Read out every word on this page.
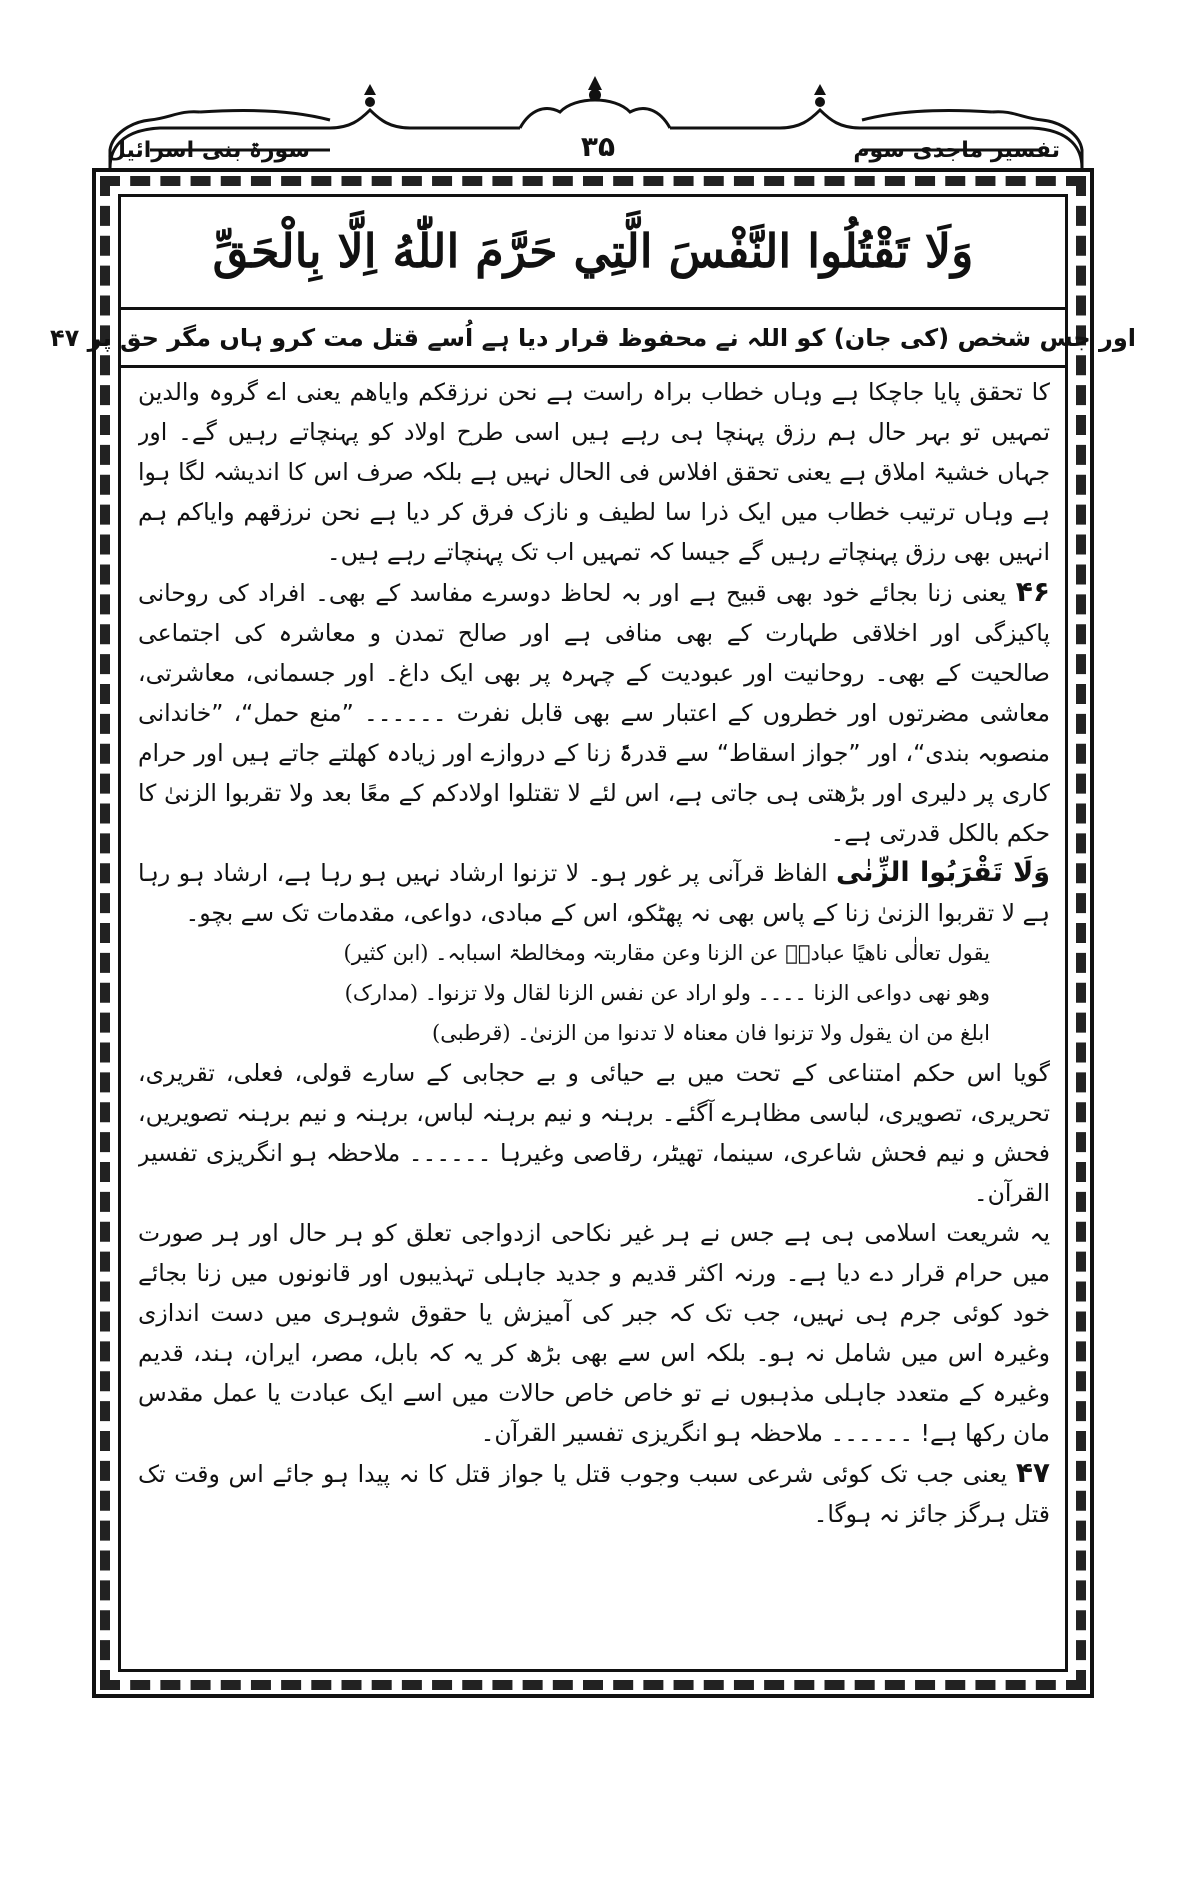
تفسیر ماجدی سوم
۳۵
سورۃ بنی اسرائیل
وَلَا تَقْتُلُوا النَّفْسَ الَّتِي حَرَّمَ اللّٰهُ اِلَّا بِالْحَقِّ
اور جس شخص (کی جان) کو اللہ نے محفوظ قرار دیا ہے اُسے قتل مت کرو ہاں مگر حق پر ۴۷

کا تحقق پایا جاچکا ہے وہاں خطاب براہ راست ہے نحن نرزقکم وایاھم یعنی اے گروہ والدین تمہیں تو بہر حال ہم رزق پہنچا ہی رہے ہیں اسی طرح اولاد کو پہنچاتے رہیں گے۔ اور جہاں خشیۃ املاق ہے یعنی تحقق افلاس فی الحال نہیں ہے بلکہ صرف اس کا اندیشہ لگا ہوا ہے وہاں ترتیب خطاب میں ایک ذرا سا لطیف و نازک فرق کر دیا ہے نحن نرزقھم وایاکم ہم انہیں بھی رزق پہنچاتے رہیں گے جیسا کہ تمہیں اب تک پہنچاتے رہے ہیں۔

۴۶ یعنی زنا بجائے خود بھی قبیح ہے اور بہ لحاظ دوسرے مفاسد کے بھی۔ افراد کی روحانی پاکیزگی اور اخلاقی طہارت کے بھی منافی ہے اور صالح تمدن و معاشرہ کی اجتماعی صالحیت کے بھی۔ روحانیت اور عبودیت کے چہرہ پر بھی ایک داغ۔ اور جسمانی، معاشرتی، معاشی مضرتوں اور خطروں کے اعتبار سے بھی قابل نفرت ۔۔۔۔۔۔ ”منع حمل“، ”خاندانی منصوبہ بندی“، اور ”جواز اسقاط“ سے قدرۃً زنا کے دروازے اور زیادہ کھلتے جاتے ہیں اور حرام کاری پر دلیری اور بڑھتی ہی جاتی ہے، اس لئے لا تقتلوا اولادکم کے معًا بعد ولا تقربوا الزنیٰ کا حکم بالکل قدرتی ہے۔

وَلَا تَقْرَبُوا الزِّنٰى الفاظ قرآنی پر غور ہو۔ لا تزنوا ارشاد نہیں ہو رہا ہے، ارشاد ہو رہا ہے لا تقربوا الزنیٰ زنا کے پاس بھی نہ پھٹکو، اس کے مبادی، دواعی، مقدمات تک سے بچو۔

یقول تعالٰی ناھیًا عبادہٗ عن الزنا وعن مقاربتہ ومخالطۃ اسبابہ۔ (ابن کثیر)

وھو نھی دواعی الزنا ۔۔۔۔ ولو اراد عن نفس الزنا لقال ولا تزنوا۔ (مدارک)

ابلغ من ان یقول ولا تزنوا فان معناہ لا تدنوا من الزنیٰ۔ (قرطبی)

گویا اس حکم امتناعی کے تحت میں بے حیائی و بے حجابی کے سارے قولی، فعلی، تقریری، تحریری، تصویری، لباسی مظاہرے آگئے۔ برہنہ و نیم برہنہ لباس، برہنہ و نیم برہنہ تصویریں، فحش و نیم فحش شاعری، سینما، تھیٹر، رقاصی وغیرہا ۔۔۔۔۔۔ ملاحظہ ہو انگریزی تفسیر القرآن۔

یہ شریعت اسلامی ہی ہے جس نے ہر غیر نکاحی ازدواجی تعلق کو ہر حال اور ہر صورت میں حرام قرار دے دیا ہے۔ ورنہ اکثر قدیم و جدید جاہلی تہذیبوں اور قانونوں میں زنا بجائے خود کوئی جرم ہی نہیں، جب تک کہ جبر کی آمیزش یا حقوق شوہری میں دست اندازی وغیرہ اس میں شامل نہ ہو۔ بلکہ اس سے بھی بڑھ کر یہ کہ بابل، مصر، ایران، ہند، قدیم وغیرہ کے متعدد جاہلی مذہبوں نے تو خاص خاص حالات میں اسے ایک عبادت یا عمل مقدس مان رکھا ہے! ۔۔۔۔۔۔ ملاحظہ ہو انگریزی تفسیر القرآن۔

۴۷ یعنی جب تک کوئی شرعی سبب وجوب قتل یا جواز قتل کا نہ پیدا ہو جائے اس وقت تک قتل ہرگز جائز نہ ہوگا۔
